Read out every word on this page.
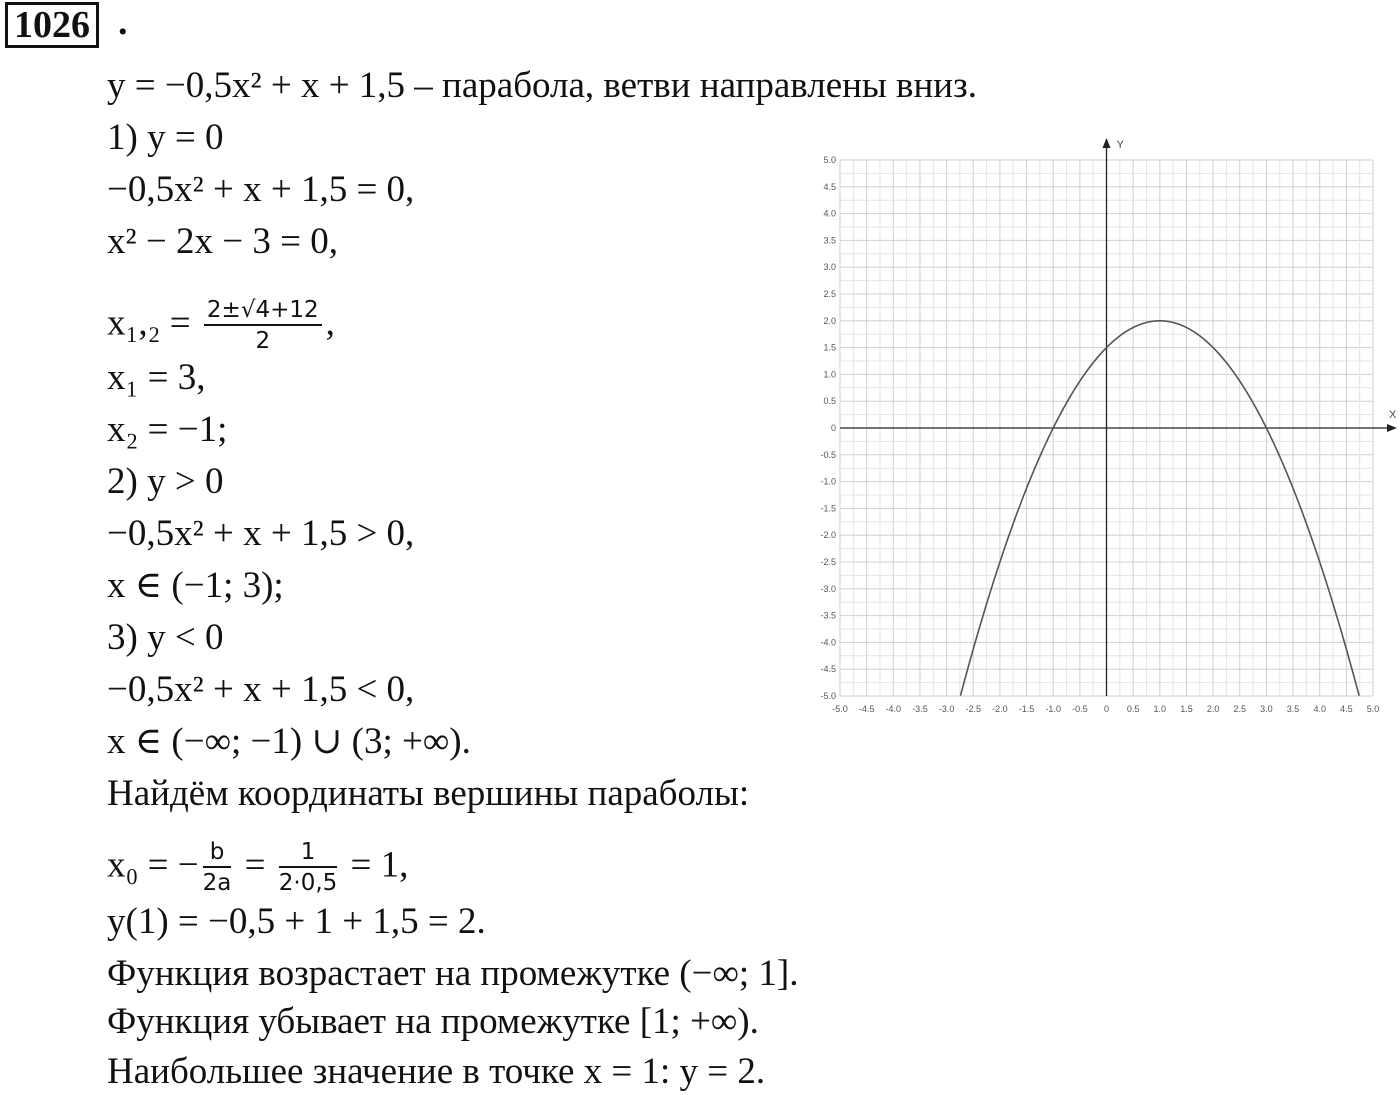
1026 .
y = −0,5x² + x + 1,5 – парабола, ветви направлены вниз.
1) y = 0
−0,5x² + x + 1,5 = 0,
x² − 2x − 3 = 0,
$x_1,_2 = \frac{2\pm√4+12}{2}$ ,
x₁ = 3,
x₂ = −1;
2) y > 0
−0,5x² + x + 1,5 > 0,
x ∈ (−1; 3);
3) y < 0
−0,5x² + x + 1,5 < 0,
x ∈ (−∞; −1) ∪ (3; +∞).
Найдём координаты вершины параболы:
x₀ = − $\frac{b}{2a} = \frac{1}{2\cdot 0,5} = 1$,
y(1) = −0,5 + 1 + 1,5 = 2.
Функция возрастает на промежутке (−∞; 1].
Функция убывает на промежутке [1; +∞).
Наибольшее значение в точке x = 1: y = 2.
X
Y
-5.0 -4.5 -4.0 -3.5 -3.0 -2.5 -2.0 -1.5 -1.0 -0.5 0 0.5 1.0 1.5 2.0 2.5 3.0 3.5 4.0 4.5 5.0
5.0
4.5
4.0
3.5
3.0
2.5
2.0
1.5
1.0
0.5
0
-0.5
-1.0
-1.5
-2.0
-2.5
-3.0
-3.5
-4.0
-4.5
-5.0
